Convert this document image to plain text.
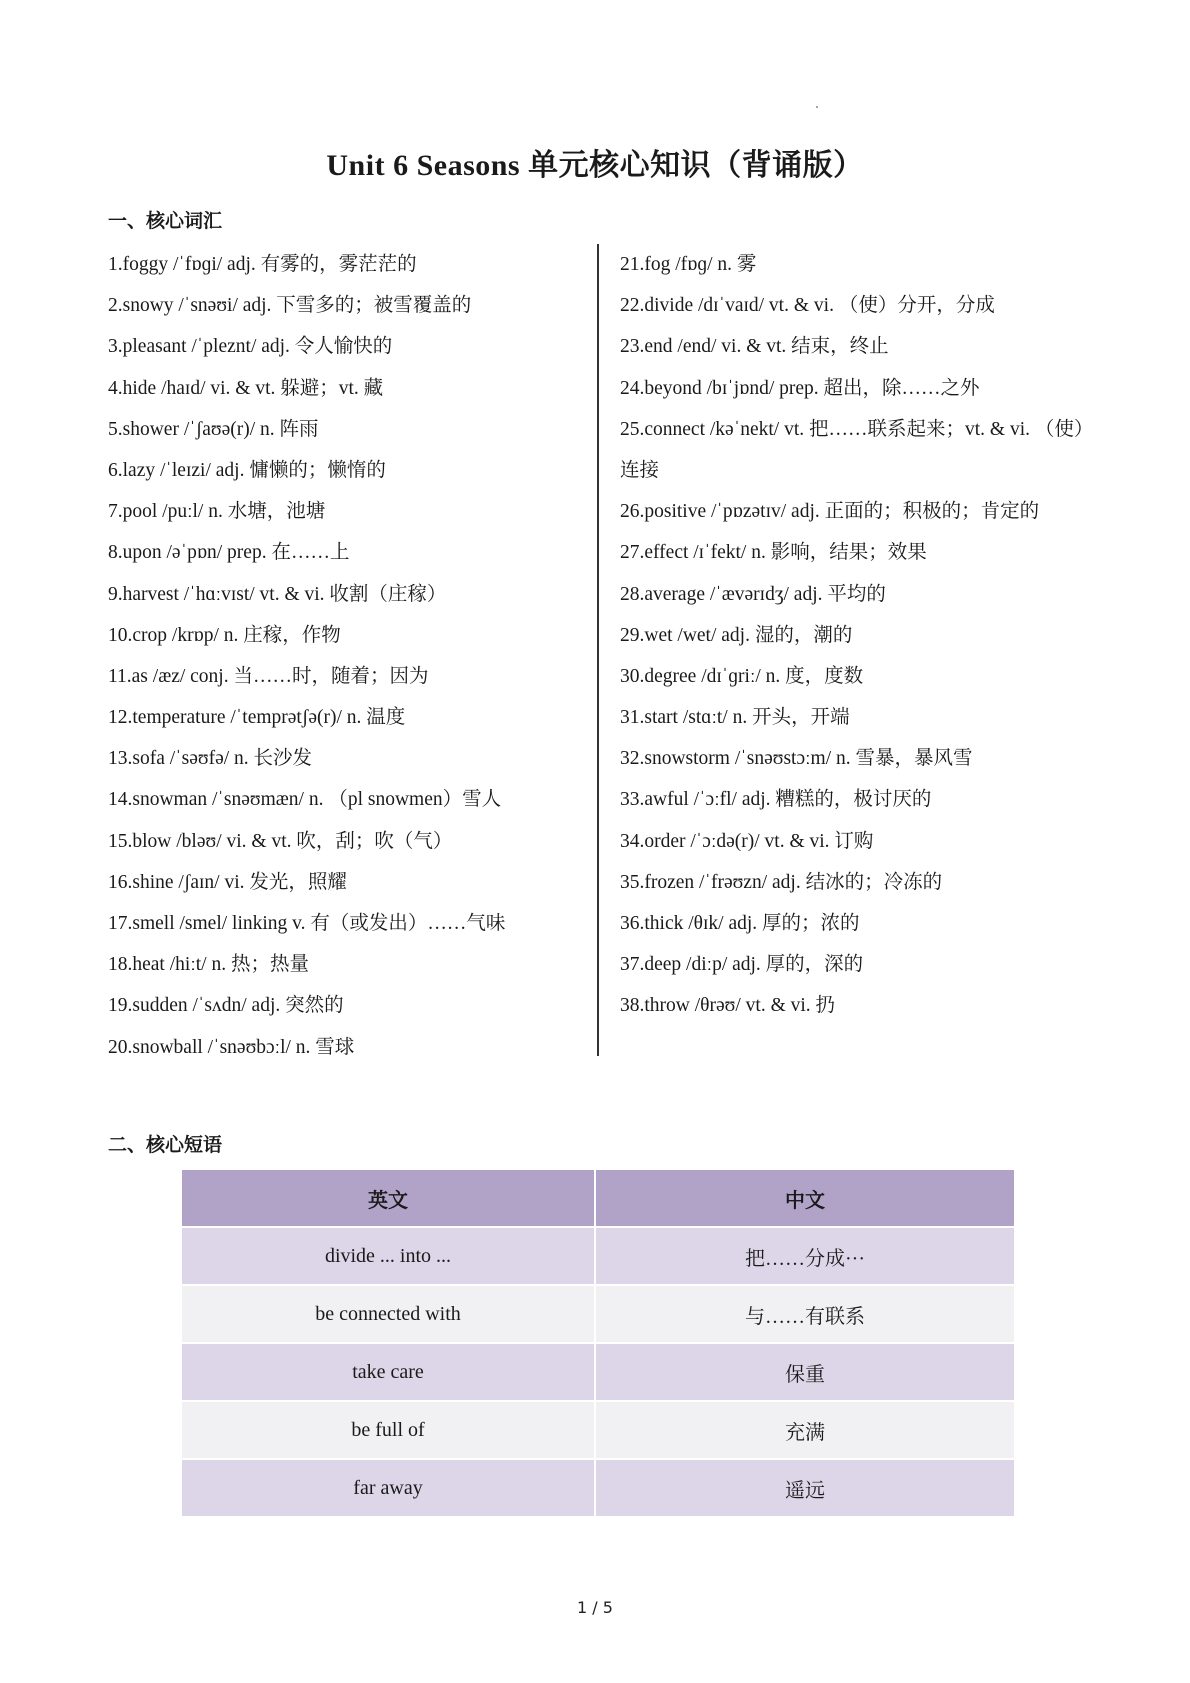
Unit 6 Seasons 单元核心知识（背诵版）
一、核心词汇
1.foggy /ˈfɒɡi/ adj. 有雾的，雾茫茫的
2.snowy /ˈsnəʊi/ adj. 下雪多的；被雪覆盖的
3.pleasant /ˈpleznt/ adj. 令人愉快的
4.hide /haɪd/ vi. & vt. 躲避；vt. 藏
5.shower /ˈʃaʊə(r)/ n. 阵雨
6.lazy /ˈleɪzi/ adj. 慵懒的；懒惰的
7.pool /puːl/ n. 水塘，池塘
8.upon /əˈpɒn/ prep. 在……上
9.harvest /ˈhɑːvɪst/ vt. & vi. 收割（庄稼）
10.crop /krɒp/ n. 庄稼，作物
11.as /æz/ conj. 当……时，随着；因为
12.temperature /ˈtemprətʃə(r)/ n. 温度
13.sofa /ˈsəʊfə/ n. 长沙发
14.snowman /ˈsnəʊmæn/ n. （pl snowmen）雪人
15.blow /bləʊ/ vi. & vt. 吹，刮；吹（气）
16.shine /ʃaɪn/ vi. 发光，照耀
17.smell /smel/ linking v. 有（或发出）……气味
18.heat /hiːt/ n. 热；热量
19.sudden /ˈsʌdn/ adj. 突然的
20.snowball /ˈsnəʊbɔːl/ n. 雪球
21.fog /fɒɡ/ n. 雾
22.divide /dɪˈvaɪd/ vt. & vi. （使）分开，分成
23.end /end/ vi. & vt. 结束，终止
24.beyond /bɪˈjɒnd/ prep. 超出，除……之外
25.connect /kəˈnekt/ vt. 把……联系起来；vt. & vi. （使）连接
26.positive /ˈpɒzətɪv/ adj. 正面的；积极的；肯定的
27.effect /ɪˈfekt/ n. 影响，结果；效果
28.average /ˈævərɪdʒ/ adj. 平均的
29.wet /wet/ adj. 湿的，潮的
30.degree /dɪˈɡriː/ n. 度，度数
31.start /stɑːt/ n. 开头，开端
32.snowstorm /ˈsnəʊstɔːm/ n. 雪暴，暴风雪
33.awful /ˈɔːfl/ adj. 糟糕的，极讨厌的
34.order /ˈɔːdə(r)/ vt. & vi. 订购
35.frozen /ˈfrəʊzn/ adj. 结冰的；冷冻的
36.thick /θɪk/ adj. 厚的；浓的
37.deep /diːp/ adj. 厚的，深的
38.throw /θrəʊ/ vt. & vi. 扔
二、核心短语
英文	中文
divide ... into ...	把……分成···
be connected with	与……有联系
take care	保重
be full of	充满
far away	遥远
1 / 5
